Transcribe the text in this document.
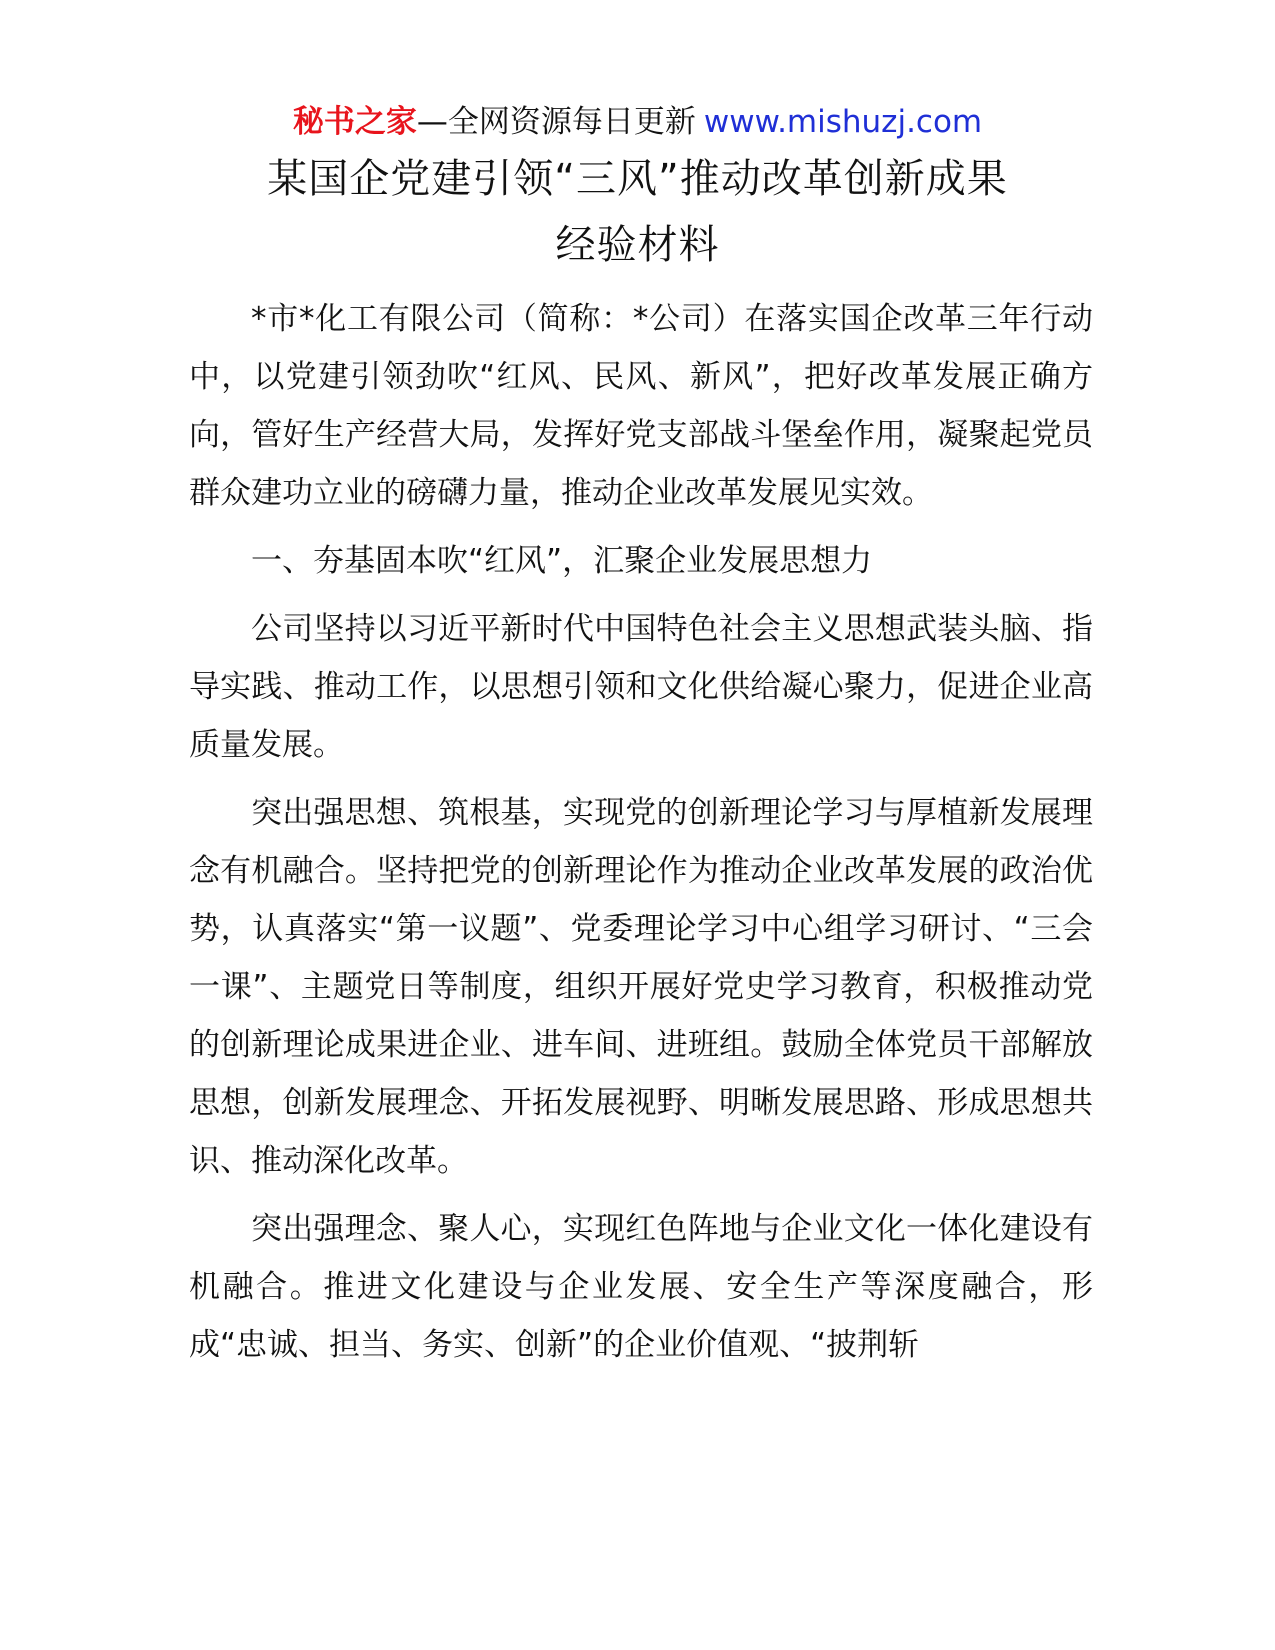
秘书之家—全网资源每日更新 www.mishuzj.com
某国企党建引领“三风”推动改革创新成果
经验材料

*市*化工有限公司（简称：*公司）在落实国企改革三年行动中，以党建引领劲吹“红风、民风、新风”，把好改革发展正确方向，管好生产经营大局，发挥好党支部战斗堡垒作用，凝聚起党员群众建功立业的磅礴力量，推动企业改革发展见实效。

一、夯基固本吹“红风”，汇聚企业发展思想力

公司坚持以习近平新时代中国特色社会主义思想武装头脑、指导实践、推动工作，以思想引领和文化供给凝心聚力，促进企业高质量发展。

突出强思想、筑根基，实现党的创新理论学习与厚植新发展理念有机融合。坚持把党的创新理论作为推动企业改革发展的政治优势，认真落实“第一议题”、党委理论学习中心组学习研讨、“三会一课”、主题党日等制度，组织开展好党史学习教育，积极推动党的创新理论成果进企业、进车间、进班组。鼓励全体党员干部解放思想，创新发展理念、开拓发展视野、明晰发展思路、形成思想共识、推动深化改革。

突出强理念、聚人心，实现红色阵地与企业文化一体化建设有机融合。推进文化建设与企业发展、安全生产等深度融合，形成“忠诚、担当、务实、创新”的企业价值观、“披荆斩
